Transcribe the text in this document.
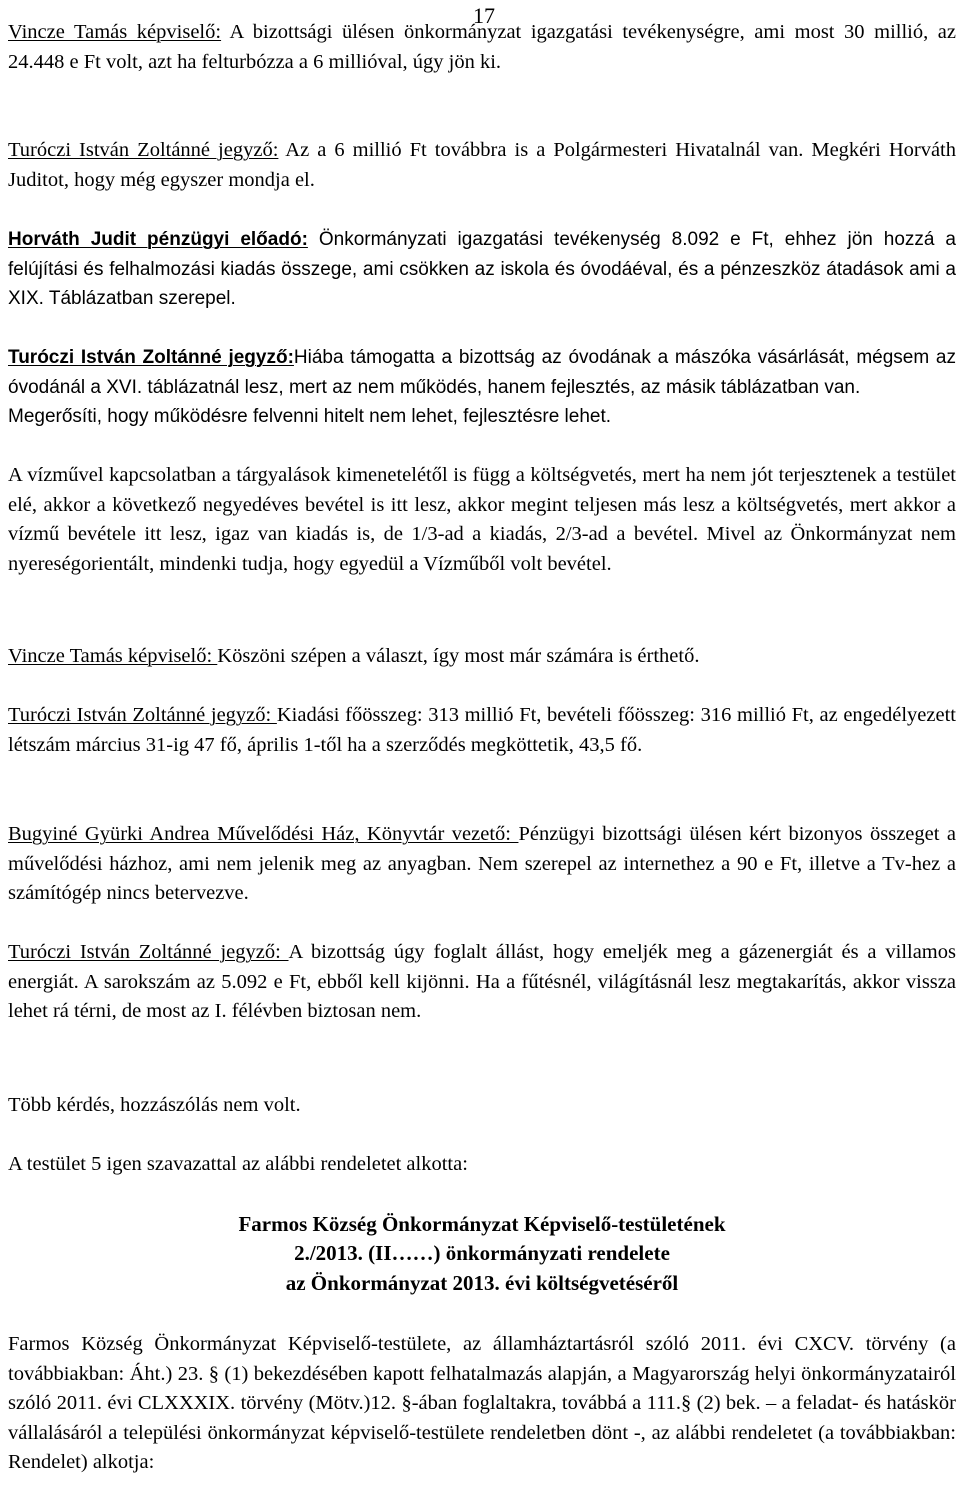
17
Vincze Tamás képviselő: A bizottsági ülésen önkormányzat igazgatási tevékenységre, ami most 30 millió, az 24.448 e Ft volt, azt ha felturbózza a 6 millióval, úgy jön ki.
Turóczi István Zoltánné jegyző: Az a 6 millió Ft továbbra is a Polgármesteri Hivatalnál van. Megkéri Horváth Juditot, hogy még egyszer mondja el.
Horváth Judit pénzügyi előadó: Önkormányzati igazgatási tevékenység 8.092 e Ft, ehhez jön hozzá a felújítási és felhalmozási kiadás összege, ami csökken az iskola és óvodáéval, és a pénzeszköz átadások ami a XIX. Táblázatban szerepel.
Turóczi István Zoltánné jegyző:Hiába támogatta a bizottság az óvodának a mászóka vásárlását, mégsem az óvodánál a XVI. táblázatnál lesz, mert az nem működés, hanem fejlesztés, az másik táblázatban van.
Megerősíti, hogy működésre felvenni hitelt nem lehet, fejlesztésre lehet.
A vízművel kapcsolatban a tárgyalások kimenetelétől is függ a költségvetés, mert ha nem jót terjesztenek a testület elé, akkor a következő negyedéves bevétel is itt lesz, akkor megint teljesen más lesz a költségvetés, mert akkor a vízmű bevétele itt lesz, igaz van kiadás is, de 1/3-ad a kiadás, 2/3-ad a bevétel. Mivel az Önkormányzat nem nyereségorientált, mindenki tudja, hogy egyedül a Vízműből volt bevétel.
Vincze Tamás képviselő: Köszöni szépen a választ, így most már számára is érthető.
Turóczi István Zoltánné jegyző: Kiadási főösszeg: 313 millió Ft, bevételi főösszeg: 316 millió Ft, az engedélyezett létszám március 31-ig 47 fő, április 1-től ha a szerződés megköttetik, 43,5 fő.
Bugyiné Gyürki Andrea Művelődési Ház, Könyvtár vezető: Pénzügyi bizottsági ülésen kért bizonyos összeget a művelődési házhoz, ami nem jelenik meg az anyagban. Nem szerepel az internethez a 90 e Ft, illetve a Tv-hez a számítógép nincs betervezve.
Turóczi István Zoltánné jegyző: A bizottság úgy foglalt állást, hogy emeljék meg a gázenergiát és a villamos energiát. A sarokszám az 5.092 e Ft, ebből kell kijönni. Ha a fűtésnél, világításnál lesz megtakarítás, akkor vissza lehet rá térni, de most az I. félévben biztosan nem.
Több kérdés, hozzászólás nem volt.
A testület 5 igen szavazattal az alábbi rendeletet alkotta:
Farmos Község Önkormányzat Képviselő-testületének
2./2013. (II……) önkormányzati rendelete
az Önkormányzat 2013. évi költségvetéséről
Farmos Község Önkormányzat Képviselő-testülete, az államháztartásról szóló 2011. évi CXCV. törvény (a továbbiakban: Áht.) 23. § (1) bekezdésében kapott felhatalmazás alapján, a Magyarország helyi önkormányzatairól szóló 2011. évi CLXXXIX. törvény (Mötv.)12. §-ában foglaltakra, továbbá a 111.§ (2) bek. – a feladat- és hatáskör vállalásáról a települési önkormányzat képviselő-testülete rendeletben dönt -, az alábbi rendeletet (a továbbiakban: Rendelet) alkotja:
